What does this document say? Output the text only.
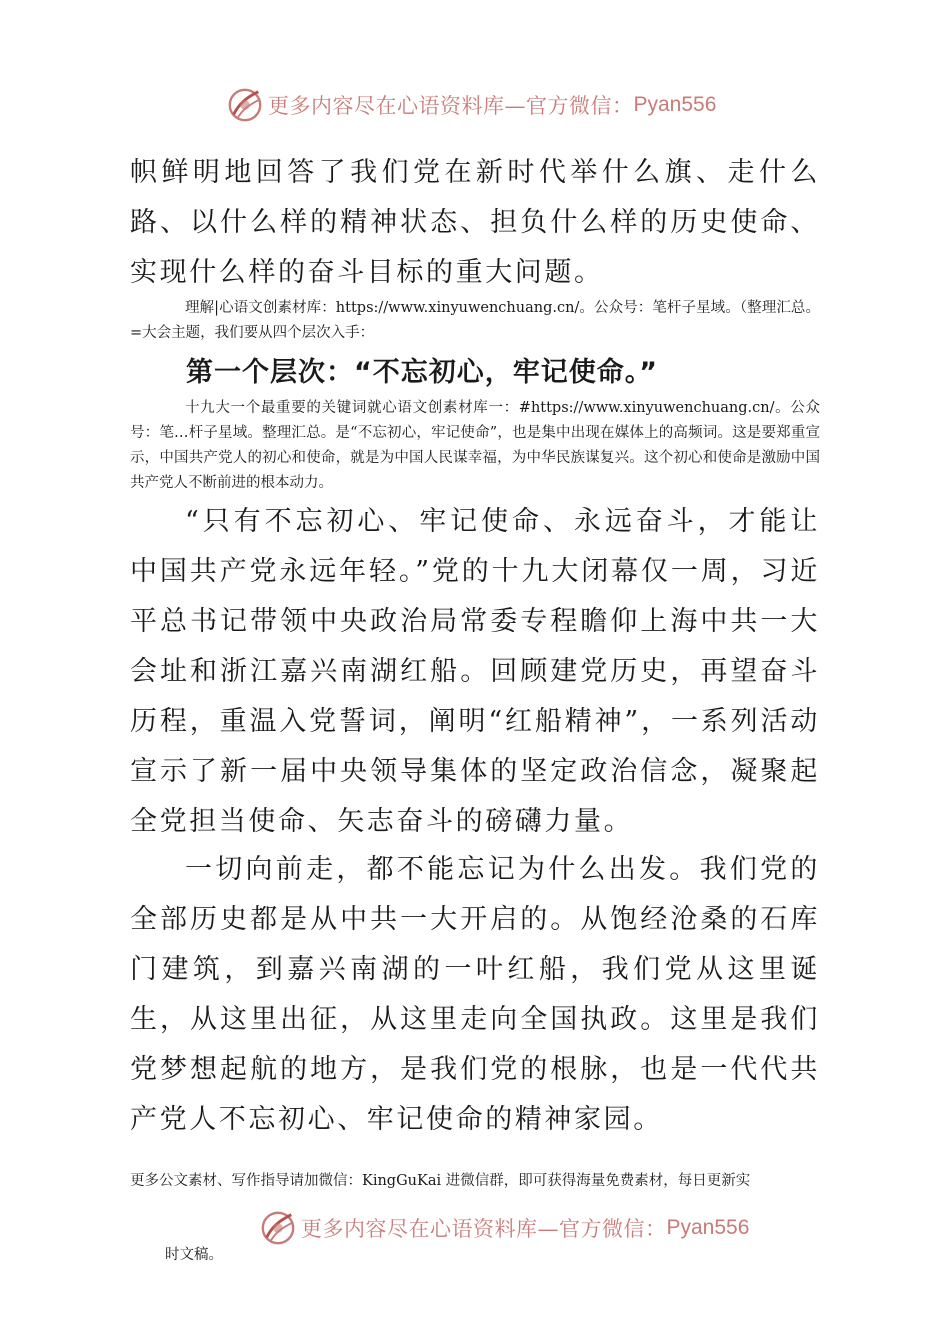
更多内容尽在心语资料库—官方微信： Pyan556

帜鲜明地回答了我们党在新时代举什么旗、走什么路、以什么样的精神状态、担负什么样的历史使命、实现什么样的奋斗目标的重大问题。

理解|心语文创素材库：https://www.xinyuwenchuang.cn/。公众号：笔杆子星域。（整理汇总。=大会主题，我们要从四个层次入手：

第一个层次：“不忘初心，牢记使命。”

十九大一个最重要的关键词就心语文创素材库一：#https://www.xinyuwenchuang.cn/。公众号：笔…杆子星域。整理汇总。是“不忘初心，牢记使命”，也是集中出现在媒体上的高频词。这是要郑重宣示，中国共产党人的初心和使命，就是为中国人民谋幸福，为中华民族谋复兴。这个初心和使命是激励中国共产党人不断前进的根本动力。

“只有不忘初心、牢记使命、永远奋斗，才能让中国共产党永远年轻。”党的十九大闭幕仅一周，习近平总书记带领中央政治局常委专程瞻仰上海中共一大会址和浙江嘉兴南湖红船。回顾建党历史，再望奋斗历程，重温入党誓词，阐明“红船精神”，一系列活动宣示了新一届中央领导集体的坚定政治信念，凝聚起全党担当使命、矢志奋斗的磅礴力量。

一切向前走，都不能忘记为什么出发。我们党的全部历史都是从中共一大开启的。从饱经沧桑的石库门建筑，到嘉兴南湖的一叶红船，我们党从这里诞生，从这里出征，从这里走向全国执政。这里是我们党梦想起航的地方，是我们党的根脉，也是一代代共产党人不忘初心、牢记使命的精神家园。

更多公文素材、写作指导请加微信：KingGuKai 进微信群，即可获得海量免费素材，每日更新实

更多内容尽在心语资料库—官方微信： Pyan556

时文稿。
